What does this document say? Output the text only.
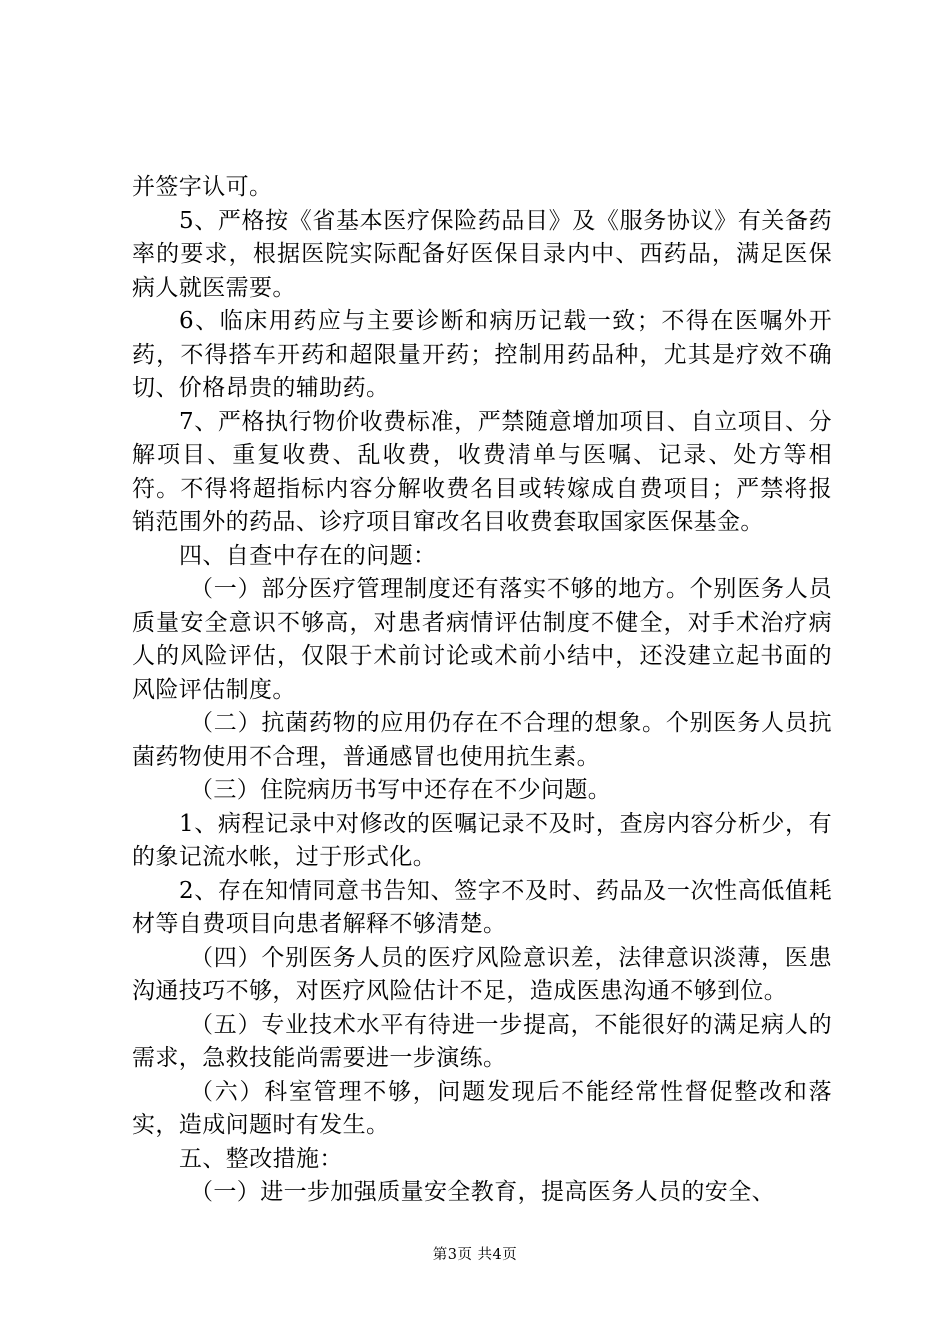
并签字认可。

5、严格按《省基本医疗保险药品目》及《服务协议》有关备药率的要求，根据医院实际配备好医保目录内中、西药品，满足医保病人就医需要。

6、临床用药应与主要诊断和病历记载一致；不得在医嘱外开药，不得搭车开药和超限量开药；控制用药品种，尤其是疗效不确切、价格昂贵的辅助药。

7、严格执行物价收费标准，严禁随意增加项目、自立项目、分解项目、重复收费、乱收费，收费清单与医嘱、记录、处方等相符。不得将超指标内容分解收费名目或转嫁成自费项目；严禁将报销范围外的药品、诊疗项目窜改名目收费套取国家医保基金。

四、自查中存在的问题：

（一）部分医疗管理制度还有落实不够的地方。个别医务人员质量安全意识不够高，对患者病情评估制度不健全，对手术治疗病人的风险评估，仅限于术前讨论或术前小结中，还没建立起书面的风险评估制度。

（二）抗菌药物的应用仍存在不合理的想象。个别医务人员抗菌药物使用不合理，普通感冒也使用抗生素。

（三）住院病历书写中还存在不少问题。

1、病程记录中对修改的医嘱记录不及时，查房内容分析少，有的象记流水帐，过于形式化。

2、存在知情同意书告知、签字不及时、药品及一次性高低值耗材等自费项目向患者解释不够清楚。

（四）个别医务人员的医疗风险意识差，法律意识淡薄，医患沟通技巧不够，对医疗风险估计不足，造成医患沟通不够到位。

（五）专业技术水平有待进一步提高，不能很好的满足病人的需求，急救技能尚需要进一步演练。

（六）科室管理不够，问题发现后不能经常性督促整改和落实，造成问题时有发生。

五、整改措施：

（一）进一步加强质量安全教育，提高医务人员的安全、

第3页 共4页
